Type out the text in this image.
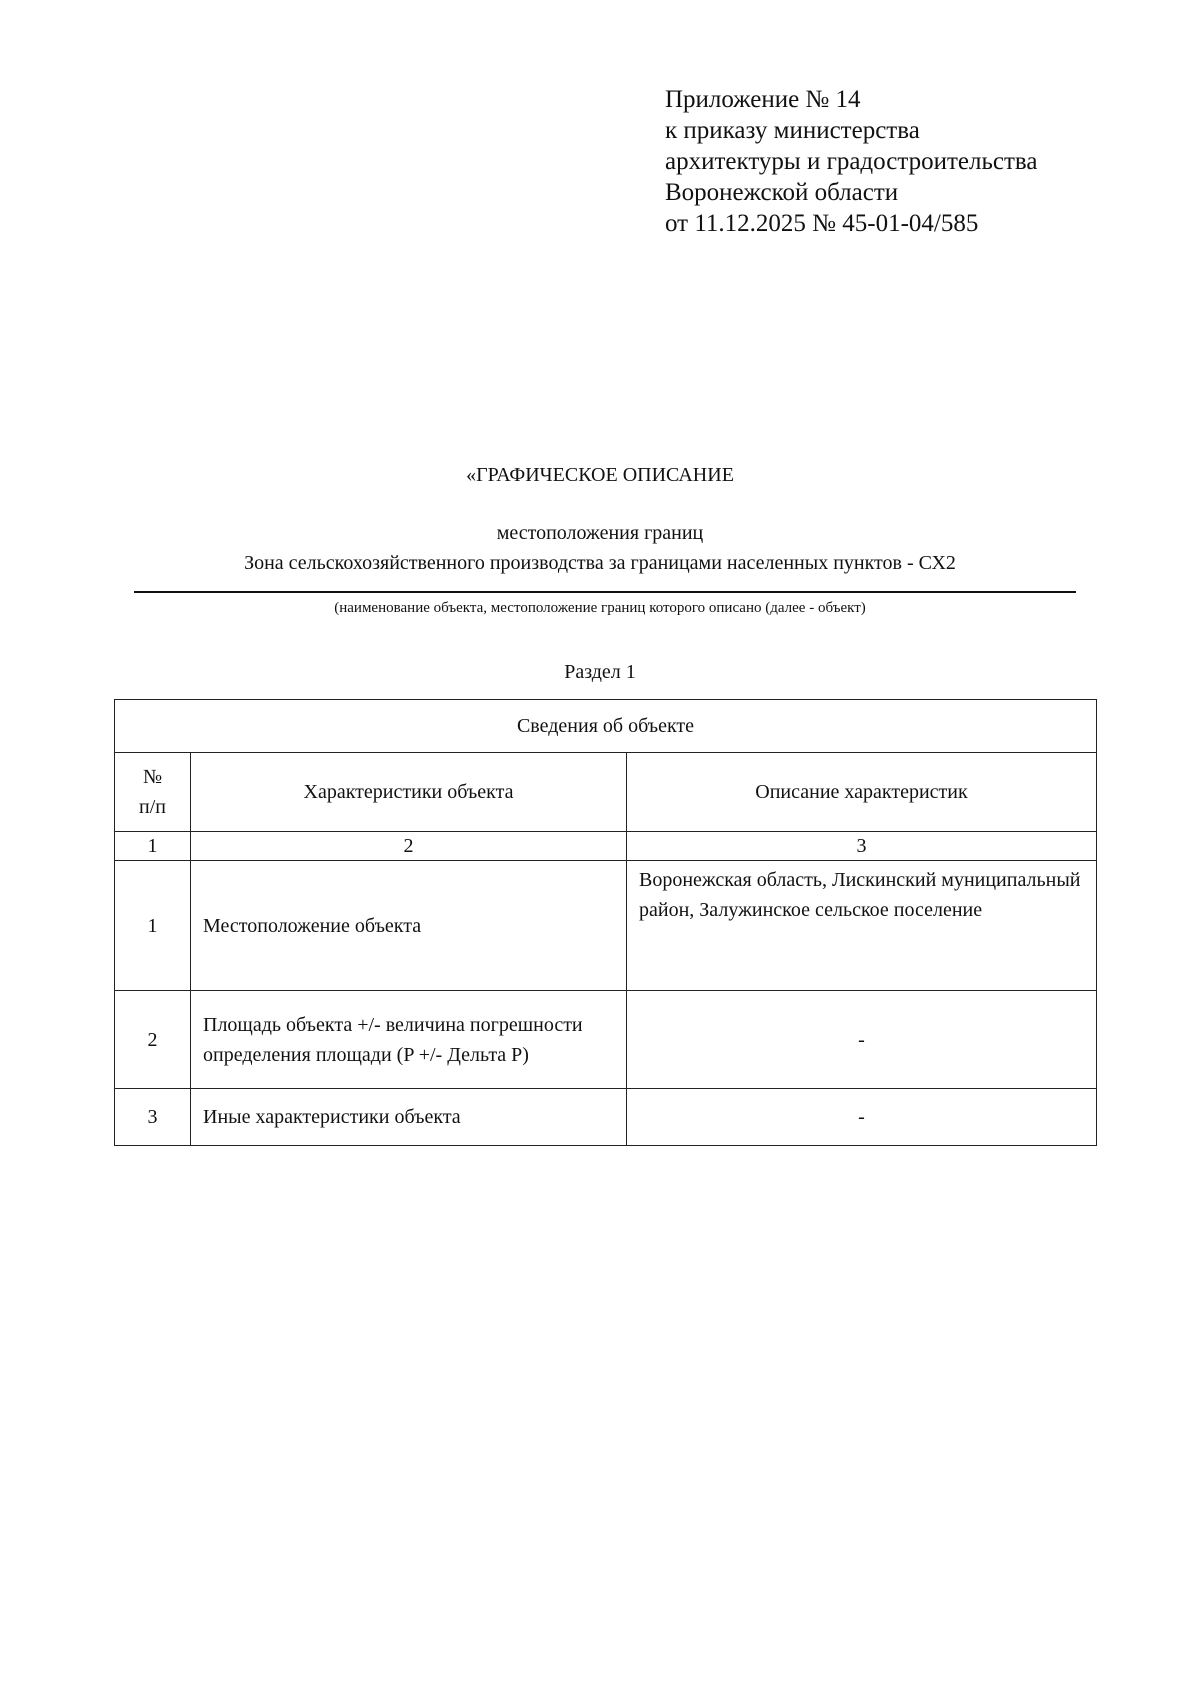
Приложение № 14
к приказу министерства
архитектуры и градостроительства
Воронежской области
от 11.12.2025 № 45-01-04/585
«ГРАФИЧЕСКОЕ ОПИСАНИЕ
местоположения границ
Зона сельскохозяйственного производства за границами населенных пунктов - СХ2
(наименование объекта, местоположение границ которого описано (далее - объект)
Раздел 1
Сведения об объекте		

№
п/п	Характеристики объекта	Описание характеристик
1	2	3
1	Местоположение объекта	Воронежская область, Лискинский муниципальный район, Залужинское сельское поселение
2	Площадь объекта +/- величина погрешности определения площади (P +/- Дельта P)	-
3	Иные характеристики объекта	-
